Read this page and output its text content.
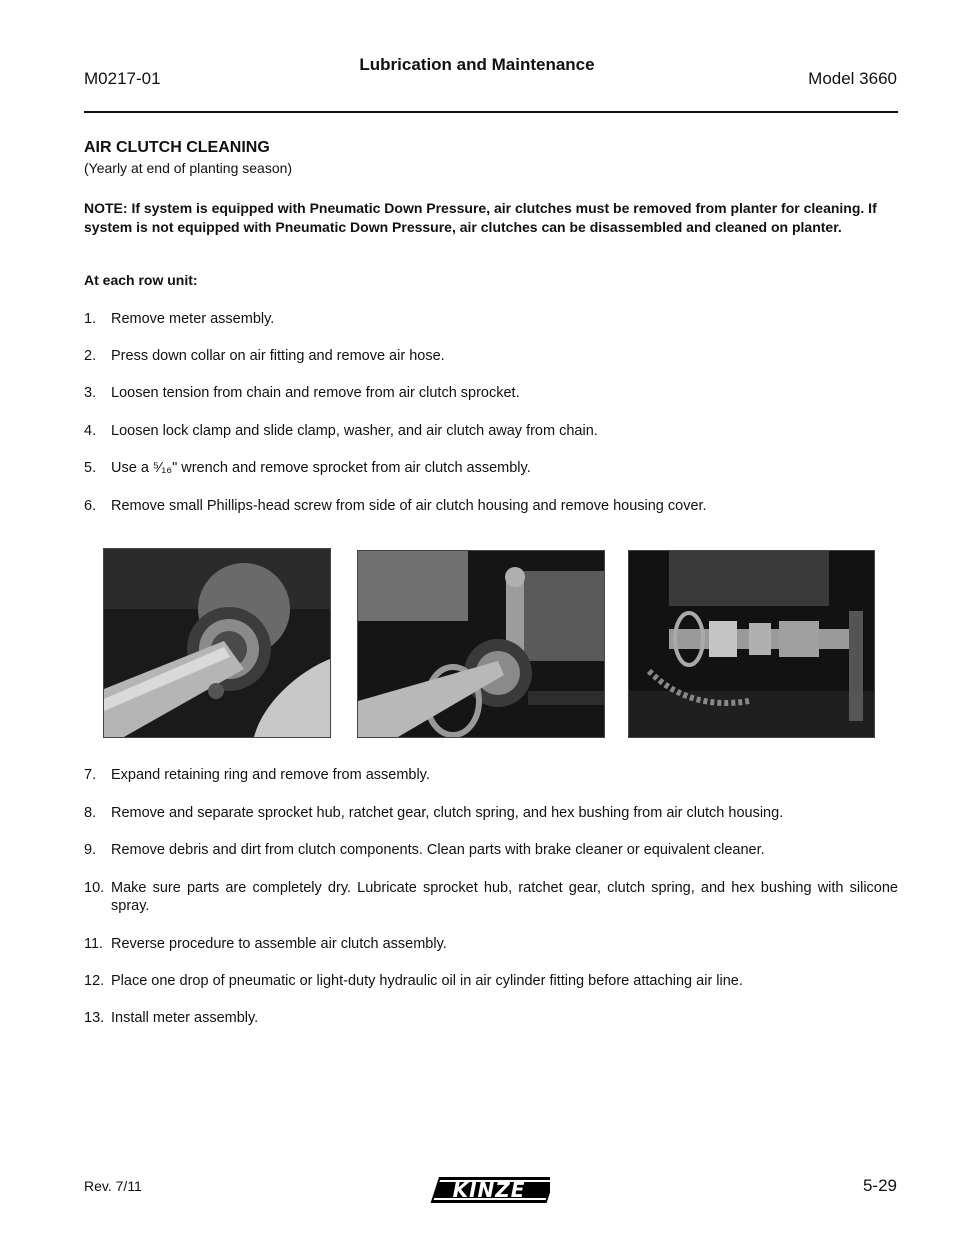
M0217-01
Lubrication and Maintenance
Model 3660
AIR CLUTCH CLEANING
(Yearly at end of planting season)
NOTE: If system is equipped with Pneumatic Down Pressure, air clutches must be removed from planter for cleaning. If system is not equipped with Pneumatic Down Pressure, air clutches can be disassembled and cleaned on planter.
At each row unit:
1. Remove meter assembly.
2. Press down collar on air fitting and remove air hose.
3. Loosen tension from chain and remove from air clutch sprocket.
4. Loosen lock clamp and slide clamp, washer, and air clutch away from chain.
5. Use a ⁵⁄₁₆" wrench and remove sprocket from air clutch assembly.
6. Remove small Phillips-head screw from side of air clutch housing and remove housing cover.
7. Expand retaining ring and remove from assembly.
8. Remove and separate sprocket hub, ratchet gear, clutch spring, and hex bushing from air clutch housing.
9. Remove debris and dirt from clutch components. Clean parts with brake cleaner or equivalent cleaner.
10. Make sure parts are completely dry. Lubricate sprocket hub, ratchet gear, clutch spring, and hex bushing with silicone spray.
11. Reverse procedure to assemble air clutch assembly.
12. Place one drop of pneumatic or light-duty hydraulic oil in air cylinder fitting before attaching air line.
13. Install meter assembly.
Rev. 7/11	KINZE	5-29
